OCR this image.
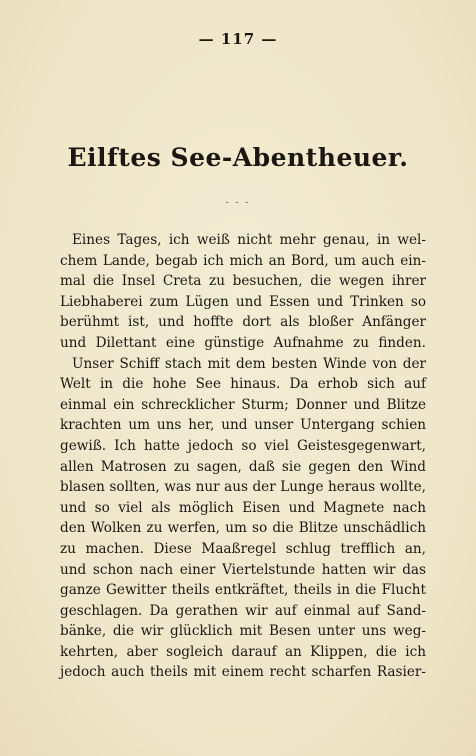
— 117 —
Eilftes See-Abentheuer.
- - -
Eines Tages, ich weiß nicht mehr genau, in wel-
chem Lande, begab ich mich an Bord, um auch ein-
mal die Insel Creta zu besuchen, die wegen ihrer
Liebhaberei zum Lügen und Essen und Trinken so
berühmt ist, und hoffte dort als bloßer Anfänger
und Dilettant eine günstige Aufnahme zu finden.
Unser Schiff stach mit dem besten Winde von der
Welt in die hohe See hinaus. Da erhob sich auf
einmal ein schrecklicher Sturm; Donner und Blitze
krachten um uns her, und unser Untergang schien
gewiß. Ich hatte jedoch so viel Geistesgegenwart,
allen Matrosen zu sagen, daß sie gegen den Wind
blasen sollten, was nur aus der Lunge heraus wollte,
und so viel als möglich Eisen und Magnete nach
den Wolken zu werfen, um so die Blitze unschädlich
zu machen. Diese Maaßregel schlug trefflich an,
und schon nach einer Viertelstunde hatten wir das
ganze Gewitter theils entkräftet, theils in die Flucht
geschlagen. Da gerathen wir auf einmal auf Sand-
bänke, die wir glücklich mit Besen unter uns weg-
kehrten, aber sogleich darauf an Klippen, die ich
jedoch auch theils mit einem recht scharfen Rasier-
